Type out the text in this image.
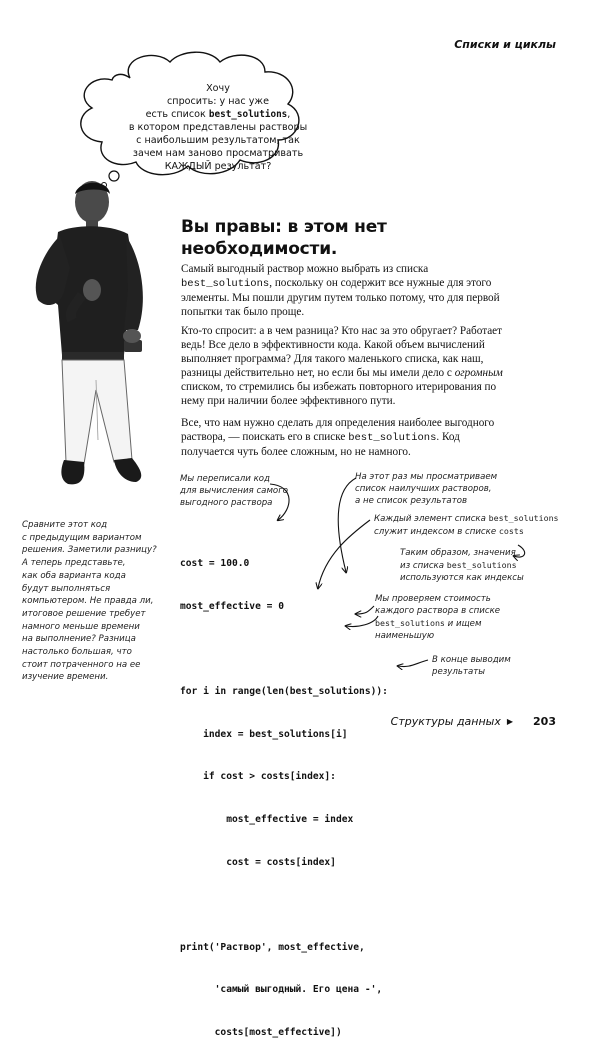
Списки и циклы
Хочу
спросить: у нас уже
есть список best_solutions,
в котором представлены растворы
с наибольшим результатом, так
зачем нам заново просматривать
КАЖДЫЙ результат?
Вы правы: в этом нет
необходимости.
Самый выгодный раствор можно выбрать из списка best_solutions, поскольку он содержит все нужные для этого элементы. Мы пошли другим путем только потому, что для первой попытки так было проще.
Кто-то спросит: а в чем разница? Кто нас за это обругает? Работает ведь! Все дело в эффективности кода. Какой объем вычислений выполняет программа? Для такого маленького списка, как наш, разницы действительно нет, но если бы мы имели дело с огромным списком, то стремились бы избежать повторного итерирования по нему при наличии более эффективного пути.
Все, что нам нужно сделать для определения наиболее выгодного раствора, — поискать его в списке best_solutions. Код получается чуть более сложным, но не намного.
Мы переписали код
для вычисления самого
выгодного раствора
На этот раз мы просматриваем
список наилучших растворов,
а не список результатов
Каждый элемент списка best_solutions
служит индексом в списке costs
Таким образом, значения
из списка best_solutions
используются как индексы
Мы проверяем стоимость
каждого раствора в списке
best_solutions и ищем
наименьшую
В конце выводим
результаты

cost = 100.0

most_effective = 0

for i in range(len(best_solutions)):

index = best_solutions[i]

if cost > costs[index]:

most_effective = index

cost = costs[index]

print('Раствор', most_effective,

'самый выгодный. Его цена -',

costs[most_effective])

Сравните этот код
с предыдущим вариантом
решения. Заметили разницу?
А теперь представьте,
как оба варианта кода
будут выполняться
компьютером. Не правда ли,
итоговое решение требует
намного меньше времени
на выполнение? Разница
настолько большая, что
стоит потраченного на ее
изучение времени.
Структуры данных ▶ 203
